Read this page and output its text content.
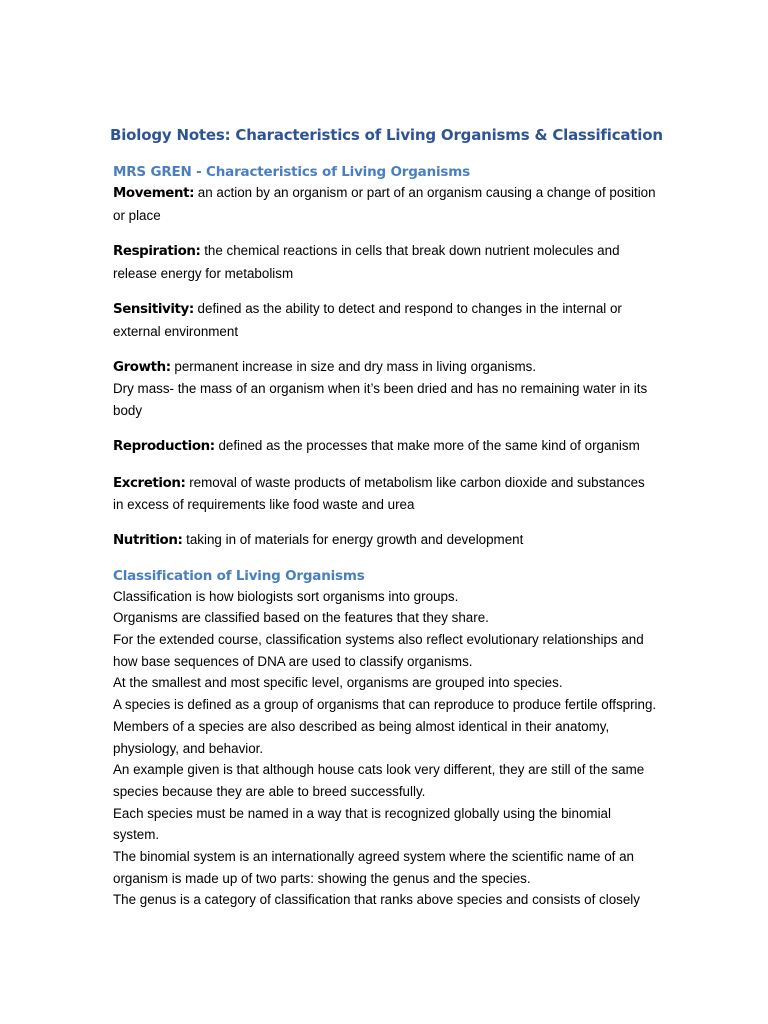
Biology Notes: Characteristics of Living Organisms & Classification
MRS GREN - Characteristics of Living Organisms
Movement: an action by an organism or part of an organism causing a change of position or place
Respiration: the chemical reactions in cells that break down nutrient molecules and release energy for metabolism
Sensitivity: defined as the ability to detect and respond to changes in the internal or external environment
Growth: permanent increase in size and dry mass in living organisms.
Dry mass- the mass of an organism when it’s been dried and has no remaining water in its body
Reproduction: defined as the processes that make more of the same kind of organism
Excretion: removal of waste products of metabolism like carbon dioxide and substances in excess of requirements like food waste and urea
Nutrition: taking in of materials for energy growth and development
Classification of Living Organisms

Classification is how biologists sort organisms into groups.

Organisms are classified based on the features that they share.

For the extended course, classification systems also reflect evolutionary relationships and how base sequences of DNA are used to classify organisms.

At the smallest and most specific level, organisms are grouped into species.

A species is defined as a group of organisms that can reproduce to produce fertile offspring.

Members of a species are also described as being almost identical in their anatomy, physiology, and behavior.

An example given is that although house cats look very different, they are still of the same species because they are able to breed successfully.

Each species must be named in a way that is recognized globally using the binomial system.

The binomial system is an internationally agreed system where the scientific name of an organism is made up of two parts: showing the genus and the species.

The genus is a category of classification that ranks above species and consists of closely
